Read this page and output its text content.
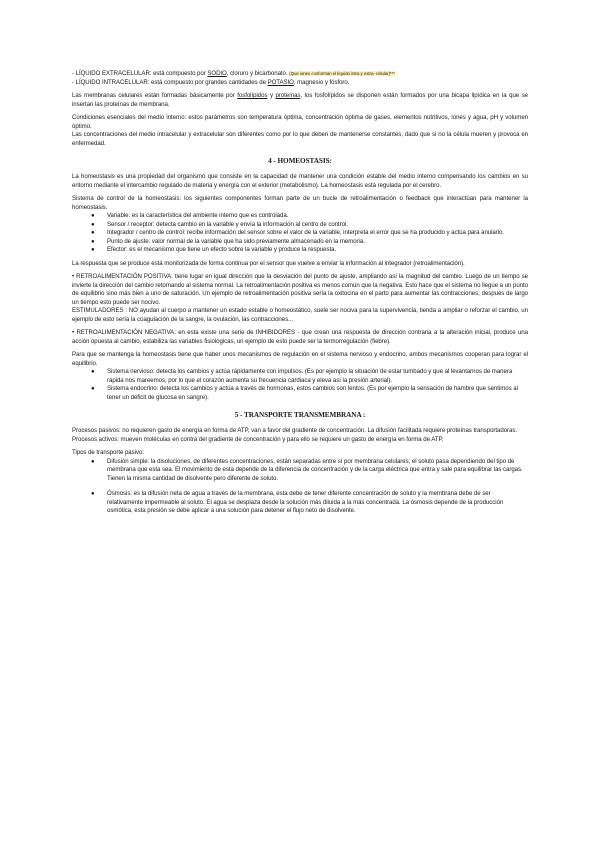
- LÍQUIDO EXTRACELULAR: está compuesto por SODIO, cloruro y bicarbonato. (Que iones conforman el líquido intra y extra- celular)***

- LÍQUIDO INTRACELULAR: está compuesto por grandes cantidades de POTASIO, magnesio y fósforo.

Las membranas celulares están formadas básicamente por fosfolípidos y proteínas, los fosfolípidos se disponen están formados por una bicapa lipídica en la que se insertan las proteínas de membrana.

Condiciones esenciales del medio interno: estos parámetros son temperatura óptima, concentración óptima de gases, elementos nutritivos, iones y agua, pH y volumen óptimo.

Las concentraciones del medio intracelular y extracelular son diferentes como por lo que deben de mantenerse constantes, dado que si no la célula mueren y provoca en enfermedad.

4 - HOMEOSTASIS:

La homeostasis es una propiedad del organismo que consiste en la capacidad de mantener una condición estable del medio interno compensando los cambios en su entorno mediante el intercambio regulado de materia y energía con el exterior (metabolismo). La homeostasis está regulada por el cerebro.

Sistema de control de la homeostasis: los siguientes componentes forman parte de un bucle de retroalimentación o feedback que interactúan para mantener la homeostasis.

● Variable: es la característica del ambiente interno que es controlada.
● Sensor / receptor: detecta cambio en la variable y envía la información al centro de control.
● Integrador / centro de control: recibe información del sensor sobre el valor de la variable, interpreta el error que se ha producido y actúa para anularlo.
● Punto de ajuste: valor normal de la variable que ha sido previamente almacenado en la memoria.
● Efector: es el mecanismo que tiene un efecto sobre la variable y produce la respuesta.

La respuesta que se produce está monitorizada de forma continua por el sensor que vuelve a enviar la información al integrador (retroalimentación).

• RETROALIMENTACIÓN POSITIVA: tiene lugar en igual dirección que la desviación del punto de ajuste, ampliando así la magnitud del cambio. Luego de un tiempo se invierte la dirección del cambio retornando al sistema normal. La retroalimentación positiva es menos común que la negativa. Esto hace que el sistema no llegue a un punto de equilibrio sino más bien a uno de saturación. Un ejemplo de retroalimentación positiva sería la oxitocina en el parto para aumentar las contracciones; después de largo un tiempo esto puede ser nocivo.

ESTIMULADORES : NO ayudan al cuerpo a mantener un estado estable o homeostático, suele ser nociva para la supervivencia, tienda a ampliar o reforzar el cambio, un ejemplo de esto sería la coagulación de la sangre, la ovulación, las contracciones...

• RETROALIMENTACIÓN NEGATIVA: en esta existe una serie de INHIBIDORES - que crean una respuesta de dirección contraria a la alteración inicial, produce una acción opuesta al cambio, estabiliza las variables fisiológicas, un ejemplo de esto puede ser la termorregulación (fiebre).

Para que se mantenga la homeostasis tiene que haber unos mecanismos de regulación en el sistema nervioso y endocrino, ambos mecanismos cooperan para lograr el equilibrio.

● Sistema nervioso: detecta los cambios y actúa rápidamente con impulsos. (Es por ejemplo la situación de estar tumbado y que al levantarnos de manera rápida nos mareemos, por lo que el corazón aumenta su frecuencia cardiaca y eleva así la presión arterial).
● Sistema endocrino: detecta los cambios y actúa a través de hormonas, estos cambios son lentos. (Es por ejemplo la sensación de hambre que sentimos al tener un déficit de glucosa en sangre).
5 - TRANSPORTE TRANSMEMBRANA :

Procesos pasivos: no requieren gasto de energía en forma de ATP, van a favor del gradiente de concentración. La difusión facilitada requiere proteínas transportadoras.

Procesos activos: mueven moléculas en contra del gradiente de concentración y para ello se requiere un gasto de energía en forma de ATP.

Tipos de transporte pasivo:

● Difusión simple: la disoluciones, de diferentes concentraciones, están separadas entre sí por membrana celulares; el soluto pasa dependiendo del tipo de membrana que esta sea. El movimiento de esta depende de la diferencia de concentración y de la carga eléctrica que entra y sale para equilibrar las cargas. Tienen la misma cantidad de disolvente pero diferente de soluto.
● Ósmosis: es la difusión neta de agua a través de la membrana, esta debe de tener diferente concentración de soluto y la membrana debe de ser relativamente impermeable al soluto. El agua se desplaza desde la solución más diluida a la más concentrada. La ósmosis depende de la producción osmótica, esta presión se debe aplicar a una solución para detener el flujo neto de disolvente.
